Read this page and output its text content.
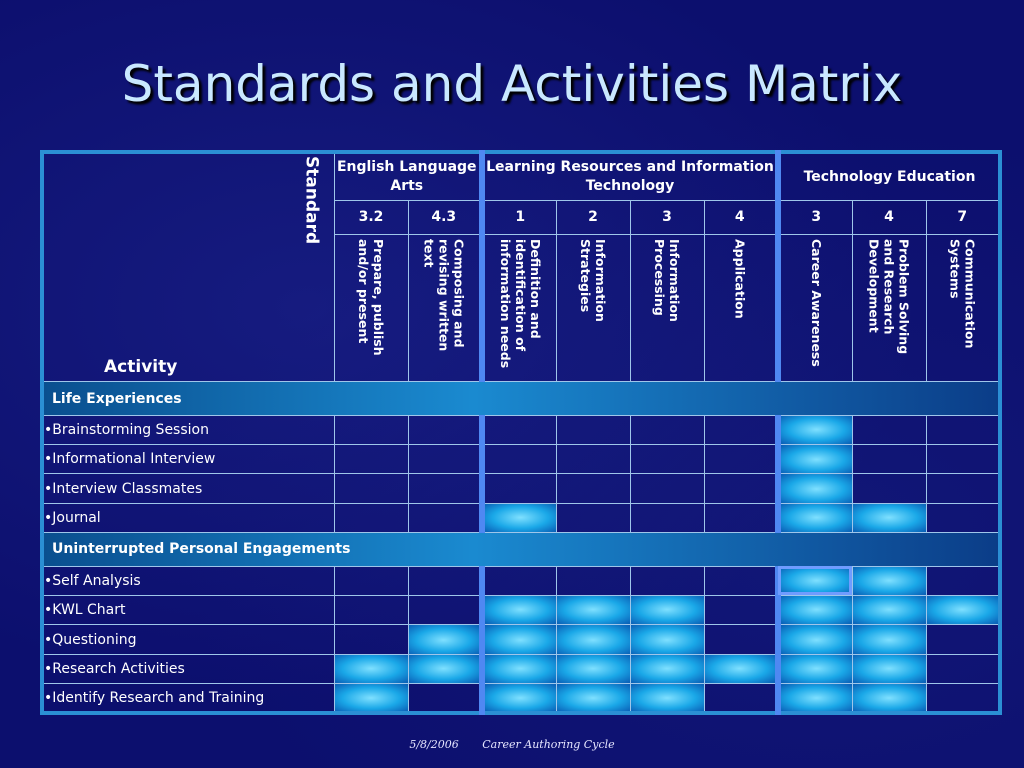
Standards and Activities Matrix
Standard
Activity	English Language Arts		Learning Resources and Information Technology				Technology Education		
	3.2	4.3	1	2	3	4	3	4	7

	Prepare, publish and/or present	Composing and revising written text	Definition and identification of information needs	Information Strategies	Information Processing	Application	Career Awareness	Problem Solving and Research Development	Communication Systems

Life Experiences									
•Brainstorming Session									
•Informational Interview									
•Interview Classmates									
•Journal									
Uninterrupted Personal Engagements									
•Self Analysis									
•KWL Chart									
•Questioning									
•Research Activities									
•Identify Research and Training									
5/8/2006 Career Authoring Cycle
